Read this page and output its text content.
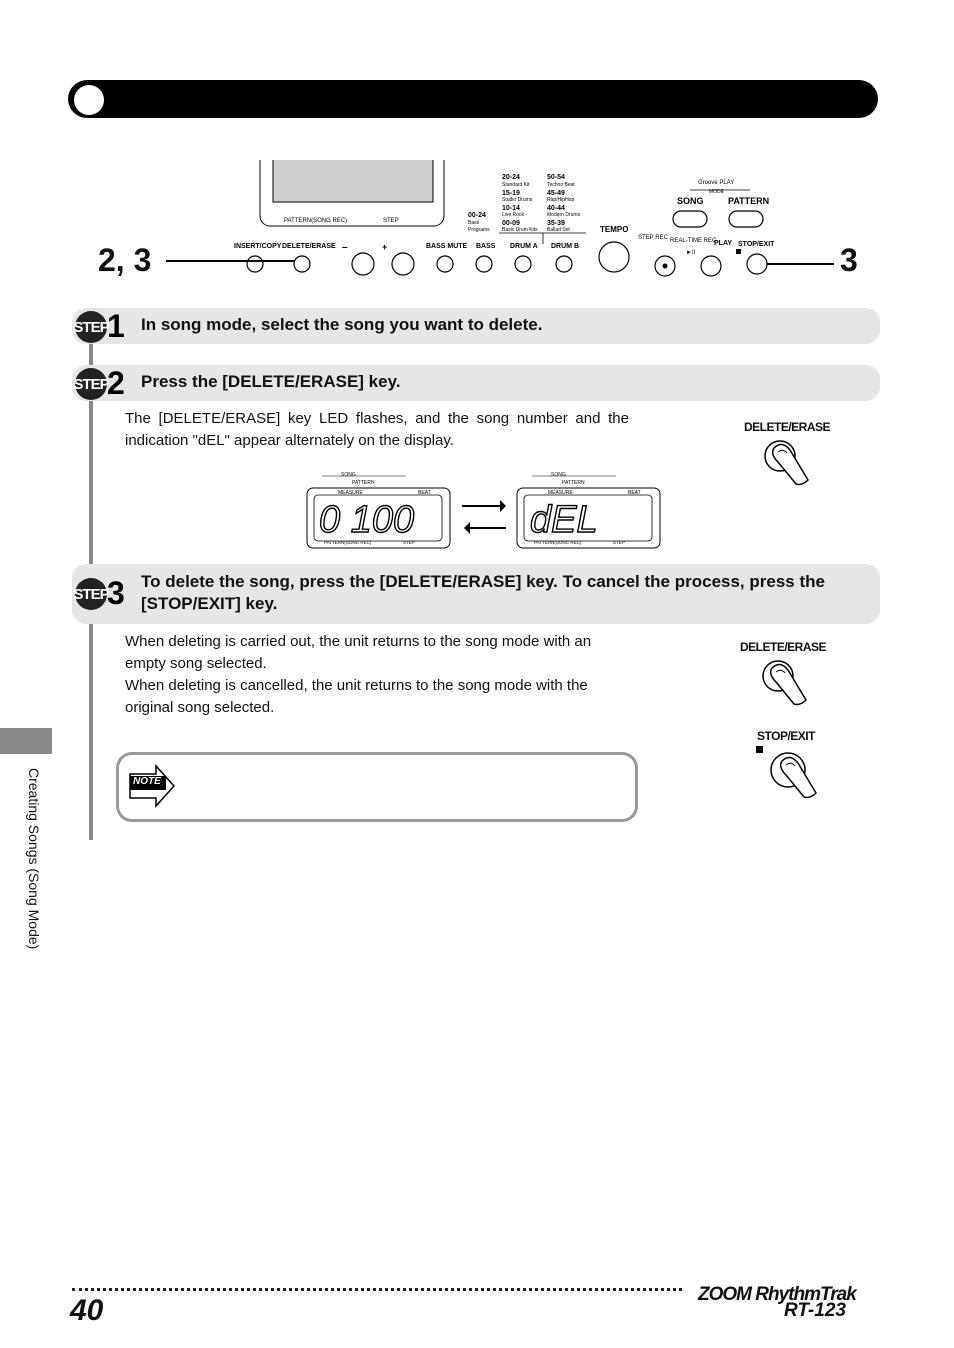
2, 3	3
PATTERN(SONG REC)	STEP
INSERT/COPY DELETE/ERASE –	+	BASS MUTE BASS DRUM A DRUM B
TEMPO
20-24
Standard Kit
15-19
Studio Drums
10-14
Live Rock
00-09
Basic Drum Kits
50-54
Techno Beat
45-49
Rap/HipHop
40-44
Modern Drums
35-39
Ballad Set
00-24
Bass
Programs
Groove PLAY
MODE
SONG	PATTERN
STEP REC REAL-TIME REC
PLAY
►II
STOP/EXIT
STEP
1 In song mode, select the song you want to delete.
STEP
2 Press the [DELETE/ERASE] key.
The [DELETE/ERASE] key LED flashes, and the song number and the indication "dEL" appear alternately on the display.
DELETE/ERASE
SONG
PATTERN
MEASURE	BEAT
0 100
PATTERN(SONG REC)	STEP
SONG
PATTERN
MEASURE	BEAT
dEL
PATTERN(SONG REC)	STEP
STEP
3 To delete the song, press the [DELETE/ERASE] key. To cancel the process, press the [STOP/EXIT] key.
When deleting is carried out, the unit returns to the song mode with an empty song selected.
When deleting is cancelled, the unit returns to the song mode with the original song selected.
DELETE/ERASE
STOP/EXIT
NOTE
Creating Songs (Song Mode)
40	ZOOM RhythmTrak
RT-123
